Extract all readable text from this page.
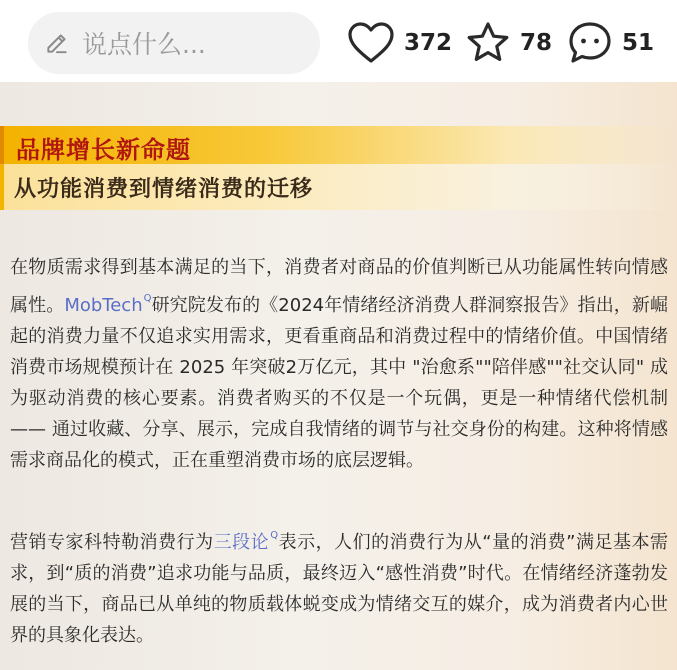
说点什么...	372	78	51
品牌增长新命题
从功能消费到情绪消费的迁移
在物质需求得到基本满足的当下，消费者对商品的价值判断已从功能属性转向情感属性。MobTech$^Q$研究院发布的《2024年情绪经济消费人群洞察报告》指出，新崛起的消费力量不仅追求实用需求，更看重商品和消费过程中的情绪价值。中国情绪消费市场规模预计在 2025 年突破2万亿元，其中 "治愈系""陪伴感""社交认同" 成为驱动消费的核心要素。消费者购买的不仅是一个玩偶，更是一种情绪代偿机制 —— 通过收藏、分享、展示，完成自我情绪的调节与社交身份的构建。这种将情感需求商品化的模式，正在重塑消费市场的底层逻辑。
营销专家科特勒消费行为三段论$^Q$表示，人们的消费行为从“量的消费”满足基本需求，到“质的消费”追求功能与品质，最终迈入“感性消费”时代。在情绪经济蓬勃发展的当下，商品已从单纯的物质载体蜕变成为情绪交互的媒介，成为消费者内心世界的具象化表达。
